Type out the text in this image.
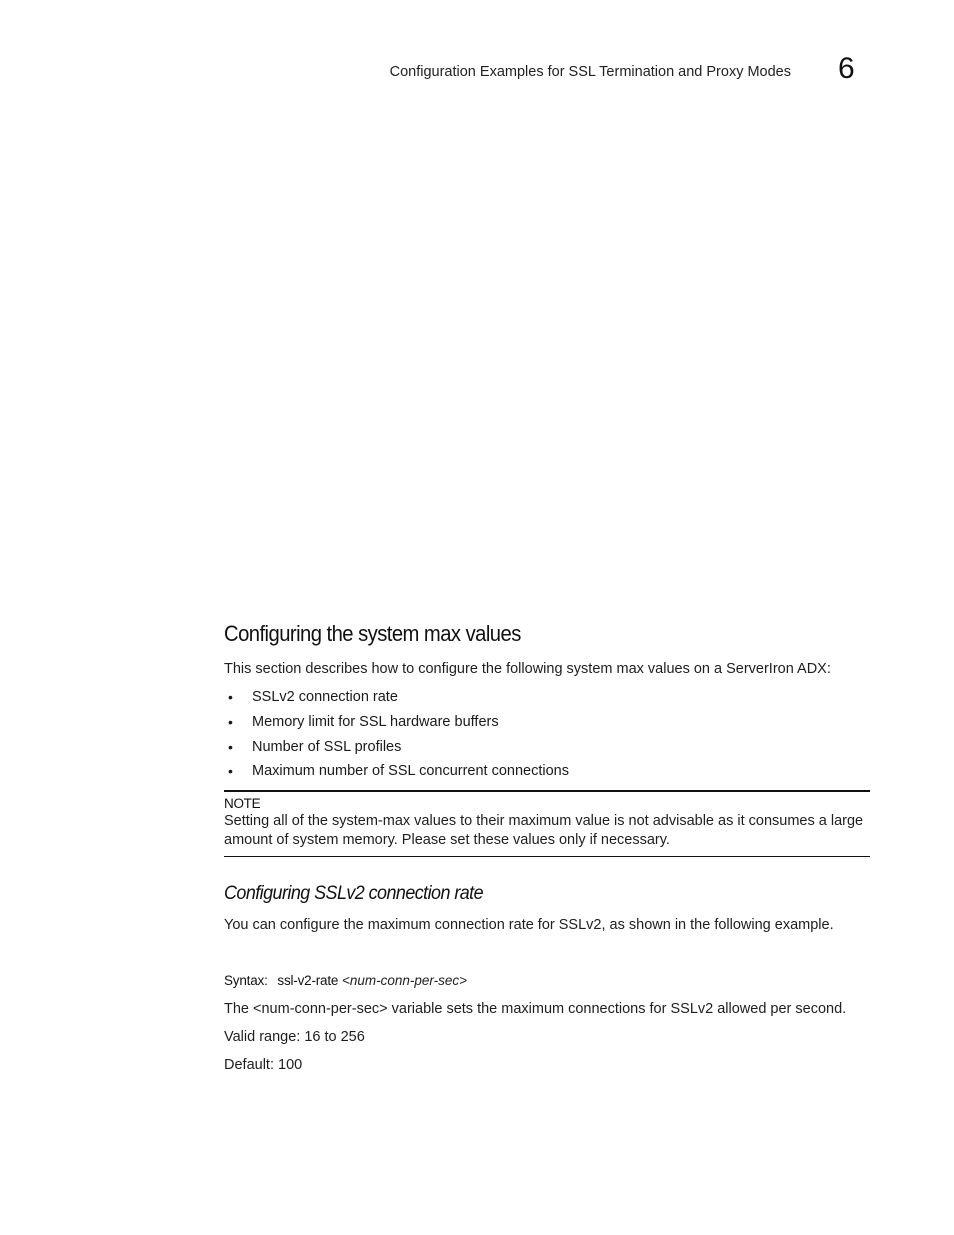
Configuration Examples for SSL Termination and Proxy Modes 6
Configuring the system max values

This section describes how to configure the following system max values on a ServerIron ADX:

• SSLv2 connection rate
• Memory limit for SSL hardware buffers
• Number of SSL profiles
• Maximum number of SSL concurrent connections
NOTE
Setting all of the system-max values to their maximum value is not advisable as it consumes a large amount of system memory. Please set these values only if necessary.
Configuring SSLv2 connection rate

You can configure the maximum connection rate for SSLv2, as shown in the following example.

Syntax: ssl-v2-rate <num-conn-per-sec>

The <num-conn-per-sec> variable sets the maximum connections for SSLv2 allowed per second.

Valid range: 16 to 256

Default: 100
